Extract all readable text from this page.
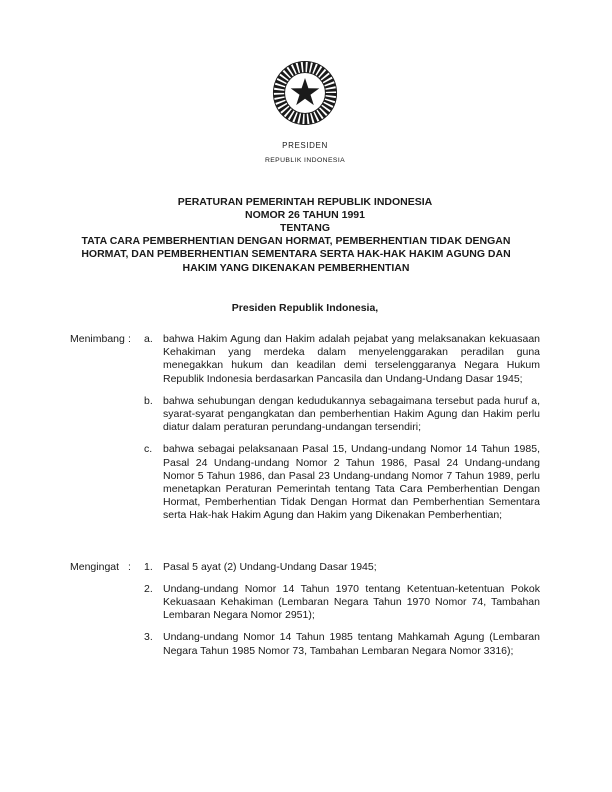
PRESIDEN
REPUBLIK INDONESIA
PERATURAN PEMERINTAH REPUBLIK INDONESIA
NOMOR 26 TAHUN 1991
TENTANG
TATA CARA PEMBERHENTIAN DENGAN HORMAT, PEMBERHENTIAN TIDAK DENGAN HORMAT, DAN PEMBERHENTIAN SEMENTARA SERTA HAK-HAK HAKIM AGUNG DAN HAKIM YANG DIKENAKAN PEMBERHENTIAN
Presiden Republik Indonesia,
Menimbang :	a. bahwa Hakim Agung dan Hakim adalah pejabat yang melaksanakan kekuasaan Kehakiman yang merdeka dalam menyelenggarakan peradilan guna menegakkan hukum dan keadilan demi terselenggaranya Negara Hukum Republik Indonesia berdasarkan Pancasila dan Undang-Undang Dasar 1945;
b. bahwa sehubungan dengan kedudukannya sebagaimana tersebut pada huruf a, syarat-syarat pengangkatan dan pemberhentian Hakim Agung dan Hakim perlu diatur dalam peraturan perundang-undangan tersendiri;
c.	bahwa sebagai pelaksanaan Pasal 15, Undang-undang Nomor 14 Tahun 1985, Pasal 24 Undang-undang Nomor 2 Tahun 1986, Pasal 24 Undang-undang Nomor 5 Tahun 1986, dan Pasal 23 Undang-undang Nomor 7 Tahun 1989, perlu menetapkan Peraturan Pemerintah tentang Tata Cara Pemberhentian Dengan Hormat, Pemberhentian Tidak Dengan Hormat dan Pemberhentian Sementara serta Hak-hak Hakim Agung dan Hakim yang Dikenakan Pemberhentian;
Mengingat :	1. Pasal 5 ayat (2) Undang-Undang Dasar 1945;
2. Undang-undang Nomor 14 Tahun 1970 tentang Ketentuan-ketentuan Pokok Kekuasaan Kehakiman (Lembaran Negara Tahun 1970 Nomor 74, Tambahan Lembaran Negara Nomor 2951);
3. Undang-undang Nomor 14 Tahun 1985 tentang Mahkamah Agung (Lembaran Negara Tahun 1985 Nomor 73, Tambahan Lembaran Negara Nomor 3316);
